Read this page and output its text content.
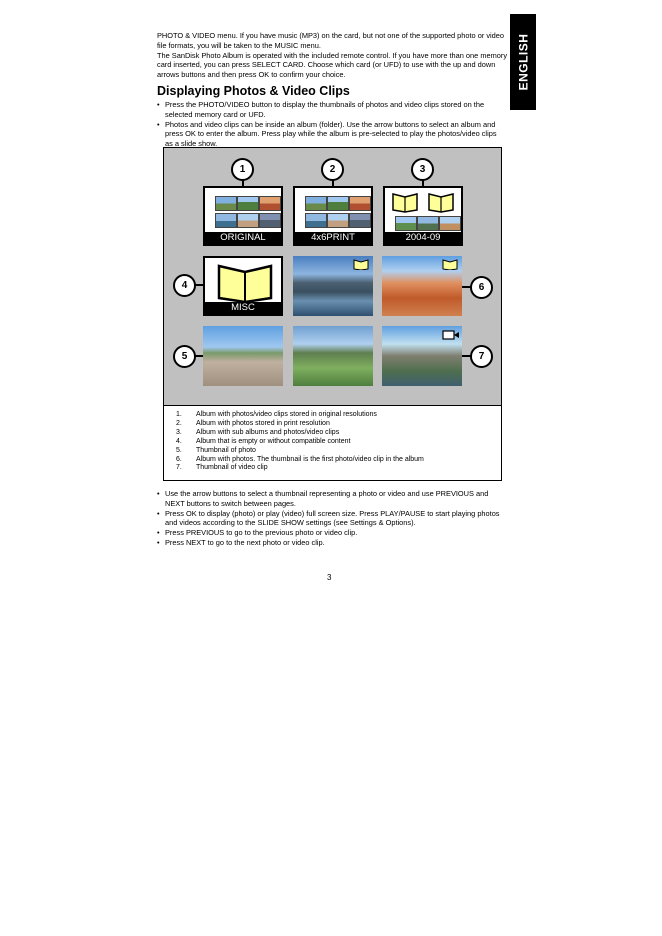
ENGLISH

PHOTO & VIDEO menu. If you have music (MP3) on the card, but not one of the supported photo or video file formats, you will be taken to the MUSIC menu.

The SanDisk Photo Album is operated with the included remote control. If you have more than one memory card inserted, you can press SELECT CARD. Choose which card (or UFD) to use with the up and down arrows buttons and then press OK to confirm your choice.

Displaying Photos & Video Clips
• Press the PHOTO/VIDEO button to display the thumbnails of photos and video clips stored on the selected memory card or UFD.
• Photos and video clips can be inside an album (folder). Use the arrow buttons to select an album and press OK to enter the album. Press play while the album is pre-selected to play the photos/video clips as a slide show.
ORIGINAL	4x6PRINT	2004-09
MISC
1	2	3
4
5
6
7
1.	Album with photos/video clips stored in original resolutions
2.	Album with photos stored in print resolution
3.	Album with sub albums and photos/video clips
4.	Album that is empty or without compatible content
5.	Thumbnail of photo
6.	Album with photos. The thumbnail is the first photo/video clip in the album
7.	Thumbnail of video clip
• Use the arrow buttons to select a thumbnail representing a photo or video and use PREVIOUS and NEXT buttons to switch between pages.
• Press OK to display (photo) or play (video) full screen size. Press PLAY/PAUSE to start playing photos and videos according to the SLIDE SHOW settings (see Settings & Options).
• Press PREVIOUS to go to the previous photo or video clip.
• Press NEXT to go to the next photo or video clip.
3
